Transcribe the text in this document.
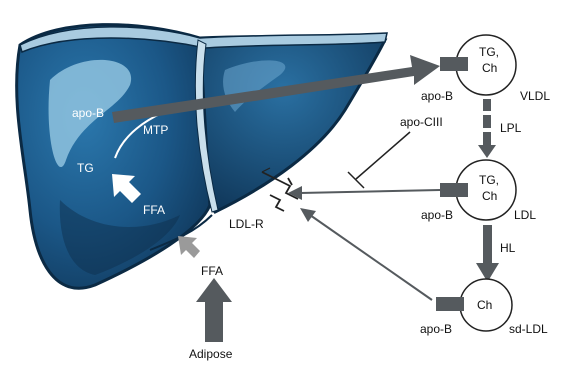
TG,
Ch
apo-B	VLDL
LPL
apo-CIII
TG,
Ch
apo-B	LDL
HL
Ch
apo-B	sd-LDL
apo-B
MTP
TG
FFA
LDL-R
FFA
Adipose
